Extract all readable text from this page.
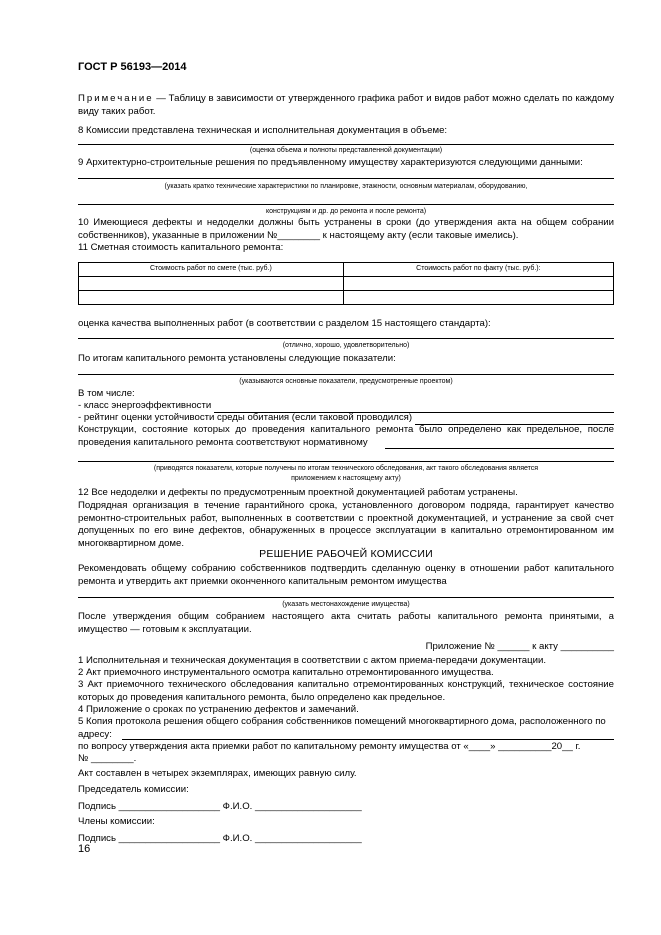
ГОСТ Р 56193—2014
Примечание — Таблицу в зависимости от утвержденного графика работ и видов работ можно сделать по каждому виду таких работ.
8 Комиссии представлена техническая и исполнительная документация в объеме:
(оценка объема и полноты представленной документации)
9 Архитектурно-строительные решения по предъявленному имуществу характеризуются следующими данными:
(указать кратко технические характеристики по планировке, этажности, основным материалам, оборудованию,
конструкциям и др. до ремонта и после ремонта)
10 Имеющиеся дефекты и недоделки должны быть устранены в сроки (до утверждения акта на общем собрании собственников), указанные в приложении №________ к настоящему акту (если таковые имелись).
11 Сметная стоимость капитального ремонта:
Стоимость работ по смете (тыс. руб.)	Стоимость работ по факту (тыс. руб.):

оценка качества выполненных работ (в соответствии с разделом 15 настоящего стандарта):
(отлично, хорошо, удовлетворительно)
По итогам капитального ремонта установлены следующие показатели:
(указываются основные показатели, предусмотренные проектом)
В том числе:
- класс энергоэффективности
- рейтинг оценки устойчивости среды обитания (если таковой проводился)
Конструкции, состояние которых до проведения капитального ремонта было определено как предельное, после проведения капитального ремонта соответствуют нормативному
(приводятся показатели, которые получены по итогам технического обследования, акт такого обследования является
приложением к настоящему акту)
12 Все недоделки и дефекты по предусмотренным проектной документацией работам устранены.
Подрядная организация в течение гарантийного срока, установленного договором подряда, гарантирует качество ремонтно-строительных работ, выполненных в соответствии с проектной документацией, и устранение за свой счет допущенных по его вине дефектов, обнаруженных в процессе эксплуатации в капитально отремонтированном им многоквартирном доме.
РЕШЕНИЕ РАБОЧЕЙ КОМИССИИ
Рекомендовать общему собранию собственников подтвердить сделанную оценку в отношении работ капитального ремонта и утвердить акт приемки оконченного капитальным ремонтом имущества
(указать местонахождение имущества)
После утверждения общим собранием настоящего акта считать работы капитального ремонта принятыми, а имущество — готовым к эксплуатации.
Приложение № ______ к акту __________
1 Исполнительная и техническая документация в соответствии с актом приема-передачи документации.
2 Акт приемочного инструментального осмотра капитально отремонтированного имущества.
3 Акт приемочного технического обследования капитально отремонтированных конструкций, техническое состояние которых до проведения капитального ремонта, было определено как предельное.
4 Приложение о сроках по устранению дефектов и замечаний.
5 Копия протокола решения общего собрания собственников помещений многоквартирного дома, расположенного по адресу:
по вопросу утверждения акта приемки работ по капитальному ремонту имущества от «____» __________20__ г.
№ ________.
Акт составлен в четырех экземплярах, имеющих равную силу.
Председатель комиссии:
Подпись ___________________ Ф.И.О. ____________________
Члены комиссии:
Подпись ___________________ Ф.И.О. ____________________
16
